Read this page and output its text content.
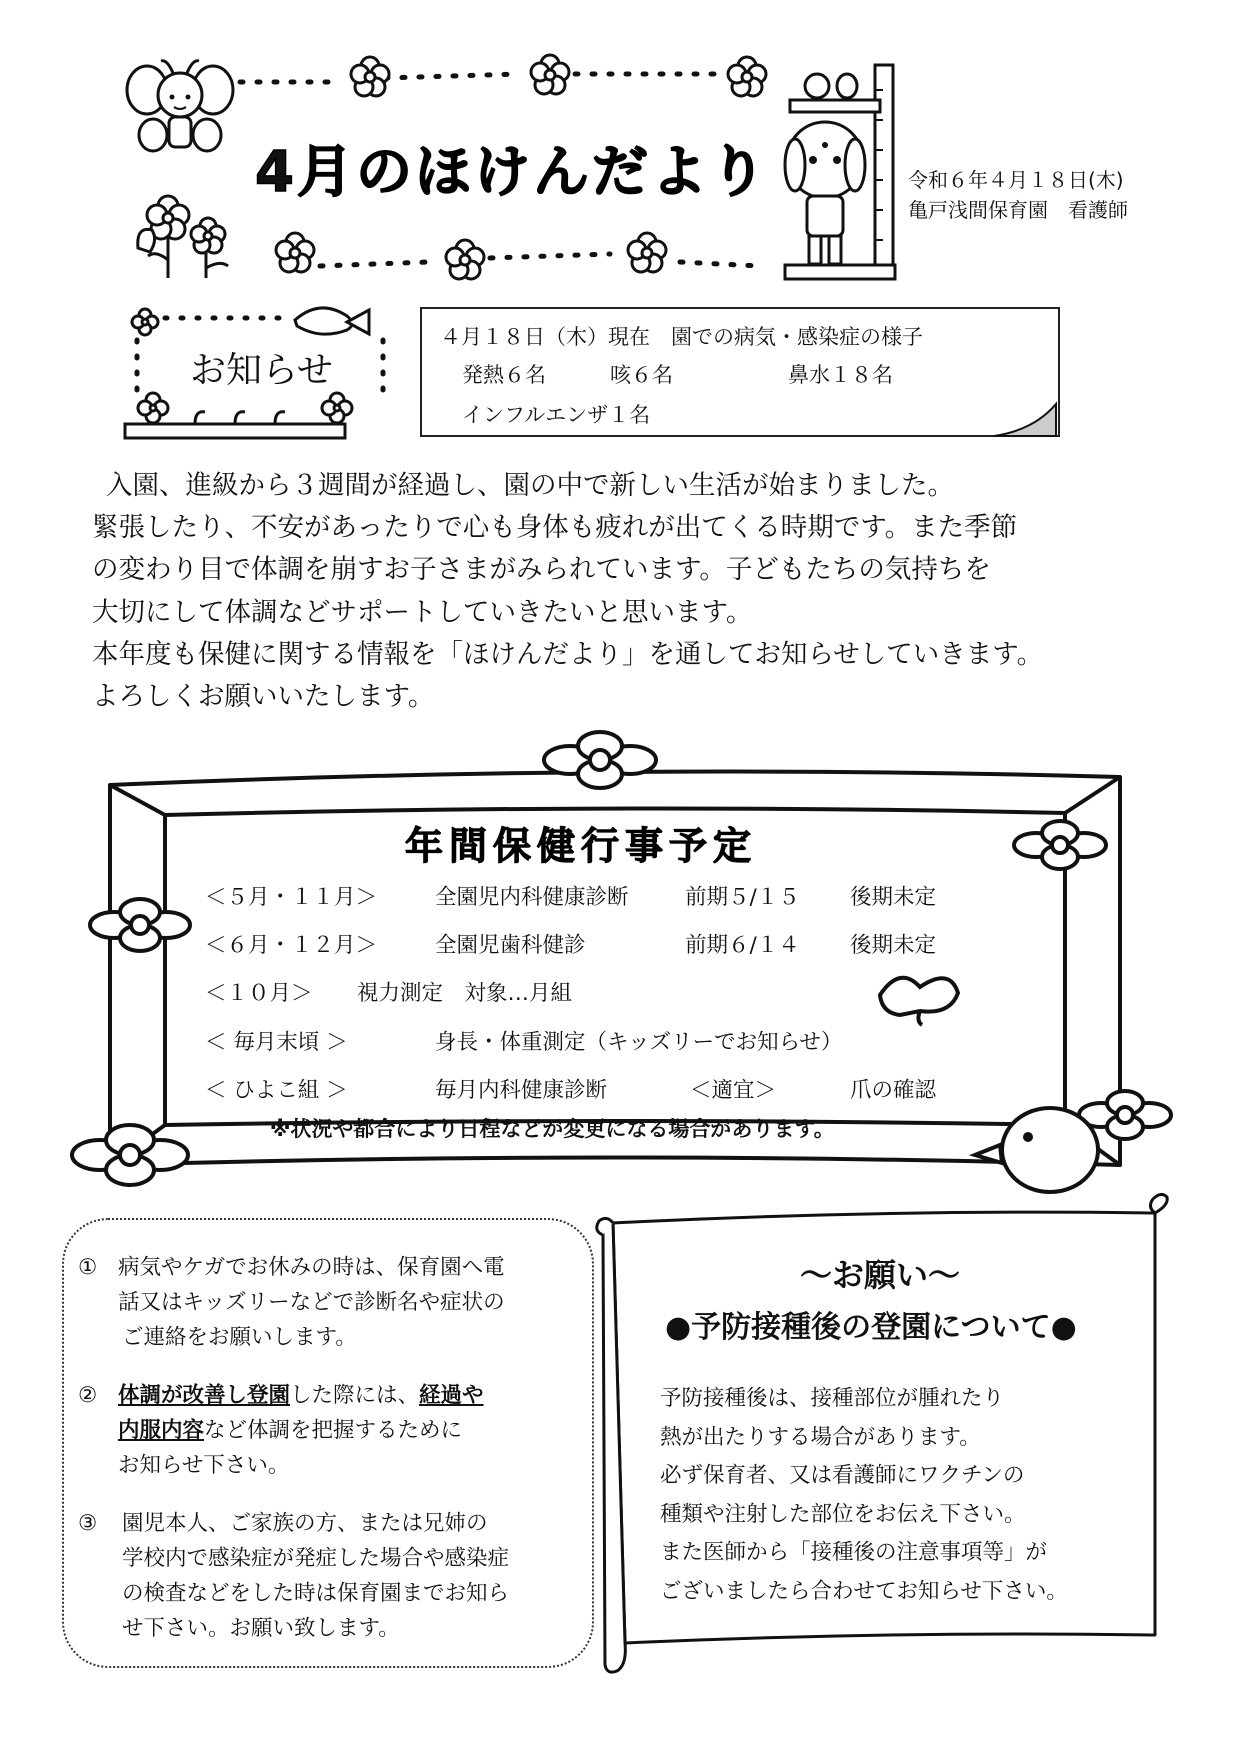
4月のほけんだより	令和６年４月１８日(木)
亀戸浅間保育園　看護師
お知らせ
４月１８日（木）現在　園での病気・感染症の様子
発熱６名	咳６名	鼻水１８名
インフルエンザ１名
入園、進級から３週間が経過し、園の中で新しい生活が始まりました。
緊張したり、不安があったりで心も身体も疲れが出てくる時期です。また季節
の変わり目で体調を崩すお子さまがみられています。子どもたちの気持ちを
大切にして体調などサポートしていきたいと思います。
本年度も保健に関する情報を「ほけんだより」を通してお知らせしていきます。
よろしくお願いいたします。
年間保健行事予定
＜５月・１１月＞	全園児内科健康診断	前期５/１５ 後期未定
＜６月・１２月＞	全園児歯科健診	前期６/１４ 後期未定
＜１０月＞ 視力測定　対象…月組
＜ 毎月末頃 ＞	身長・体重測定（キッズリーでお知らせ）
＜ ひよこ組 ＞	毎月内科健康診断	＜適宜＞	爪の確認
※状況や都合により日程などが変更になる場合があります。
① 病気やケガでお休みの時は、保育園へ電
話又はキッズリーなどで診断名や症状の
ご連絡をお願いします。
② 体調が改善し登園した際には、経過や
内服内容など体調を把握するために
お知らせ下さい。
③ 園児本人、ご家族の方、または兄姉の
学校内で感染症が発症した場合や感染症
の検査などをした時は保育園までお知ら
せ下さい。お願い致します。
～お願い～
●予防接種後の登園について●
予防接種後は、接種部位が腫れたり
熱が出たりする場合があります。
必ず保育者、又は看護師にワクチンの
種類や注射した部位をお伝え下さい。
また医師から「接種後の注意事項等」が
ございましたら合わせてお知らせ下さい。
